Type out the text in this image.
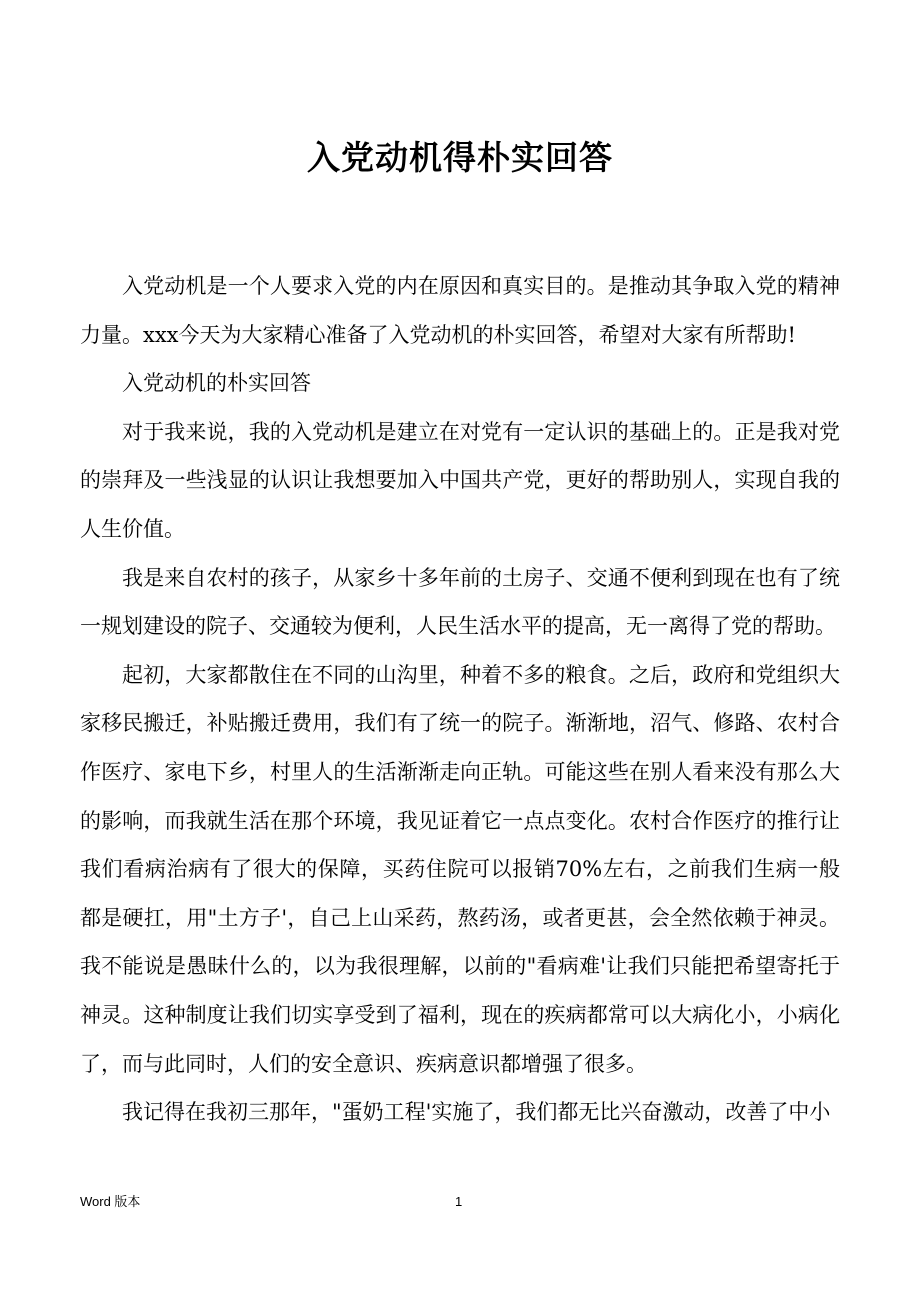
入党动机得朴实回答

入党动机是一个人要求入党的内在原因和真实目的。是推动其争取入党的精神力量。xxx今天为大家精心准备了入党动机的朴实回答，希望对大家有所帮助!

入党动机的朴实回答

对于我来说，我的入党动机是建立在对党有一定认识的基础上的。正是我对党的崇拜及一些浅显的认识让我想要加入中国共产党，更好的帮助别人，实现自我的人生价值。

我是来自农村的孩子，从家乡十多年前的土房子、交通不便利到现在也有了统一规划建设的院子、交通较为便利，人民生活水平的提高，无一离得了党的帮助。

起初，大家都散住在不同的山沟里，种着不多的粮食。之后，政府和党组织大家移民搬迁，补贴搬迁费用，我们有了统一的院子。渐渐地，沼气、修路、农村合作医疗、家电下乡，村里人的生活渐渐走向正轨。可能这些在别人看来没有那么大的影响，而我就生活在那个环境，我见证着它一点点变化。农村合作医疗的推行让我们看病治病有了很大的保障，买药住院可以报销70%左右，之前我们生病一般都是硬扛，用"土方子'，自己上山采药，熬药汤，或者更甚，会全然依赖于神灵。我不能说是愚昧什么的，以为我很理解，以前的"看病难'让我们只能把希望寄托于神灵。这种制度让我们切实享受到了福利，现在的疾病都常可以大病化小，小病化了，而与此同时，人们的安全意识、疾病意识都增强了很多。

我记得在我初三那年，"蛋奶工程'实施了，我们都无比兴奋激动，改善了中小

Word 版本	1
